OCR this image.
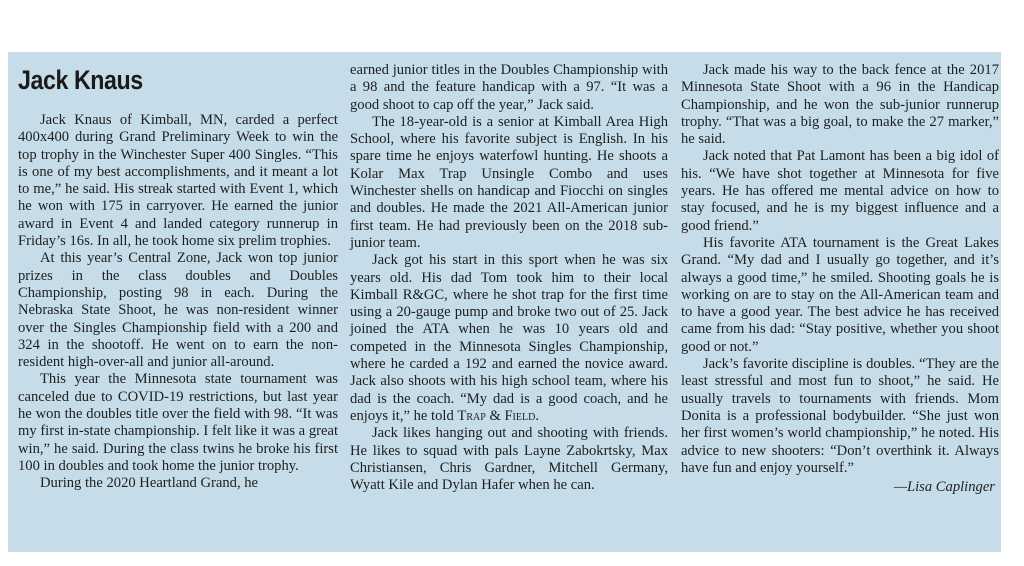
Jack Knaus

Jack Knaus of Kimball, MN, carded a perfect 400x400 during Grand Preliminary Week to win the top trophy in the Winchester Super 400 Singles. “This is one of my best accomplishments, and it meant a lot to me,” he said. His streak started with Event 1, which he won with 175 in carryover. He earned the junior award in Event 4 and landed category runnerup in Friday’s 16s. In all, he took home six prelim trophies.

At this year’s Central Zone, Jack won top junior prizes in the class doubles and Doubles Championship, posting 98 in each. During the Nebraska State Shoot, he was non-resident winner over the Singles Championship field with a 200 and 324 in the shootoff. He went on to earn the non-resident high-over-all and junior all-around.

This year the Minnesota state tournament was canceled due to COVID-19 restrictions, but last year he won the doubles title over the field with 98. “It was my first in-state championship. I felt like it was a great win,” he said. During the class twins he broke his first 100 in doubles and took home the junior trophy.

During the 2020 Heartland Grand, he

earned junior titles in the Doubles Championship with a 98 and the feature handicap with a 97. “It was a good shoot to cap off the year,” Jack said.

The 18-year-old is a senior at Kimball Area High School, where his favorite subject is English. In his spare time he enjoys waterfowl hunting. He shoots a Kolar Max Trap Unsingle Combo and uses Winchester shells on handicap and Fiocchi on singles and doubles. He made the 2021 All-American junior first team. He had previously been on the 2018 sub-junior team.

Jack got his start in this sport when he was six years old. His dad Tom took him to their local Kimball R&GC, where he shot trap for the first time using a 20-gauge pump and broke two out of 25. Jack joined the ATA when he was 10 years old and competed in the Minnesota Singles Championship, where he carded a 192 and earned the novice award. Jack also shoots with his high school team, where his dad is the coach. “My dad is a good coach, and he enjoys it,” he told Trap & Field.

Jack likes hanging out and shooting with friends. He likes to squad with pals Layne Zabokrtsky, Max Christiansen, Chris Gardner, Mitchell Germany, Wyatt Kile and Dylan Hafer when he can.

Jack made his way to the back fence at the 2017 Minnesota State Shoot with a 96 in the Handicap Championship, and he won the sub-junior runnerup trophy. “That was a big goal, to make the 27 marker,” he said.

Jack noted that Pat Lamont has been a big idol of his. “We have shot together at Minnesota for five years. He has offered me mental advice on how to stay focused, and he is my biggest influence and a good friend.”

His favorite ATA tournament is the Great Lakes Grand. “My dad and I usually go together, and it’s always a good time,” he smiled. Shooting goals he is working on are to stay on the All-American team and to have a good year. The best advice he has received came from his dad: “Stay positive, whether you shoot good or not.”

Jack’s favorite discipline is doubles. “They are the least stressful and most fun to shoot,” he said. He usually travels to tournaments with friends. Mom Donita is a professional bodybuilder. “She just won her first women’s world championship,” he noted. His advice to new shooters: “Don’t overthink it. Always have fun and enjoy yourself.”

—Lisa Caplinger
